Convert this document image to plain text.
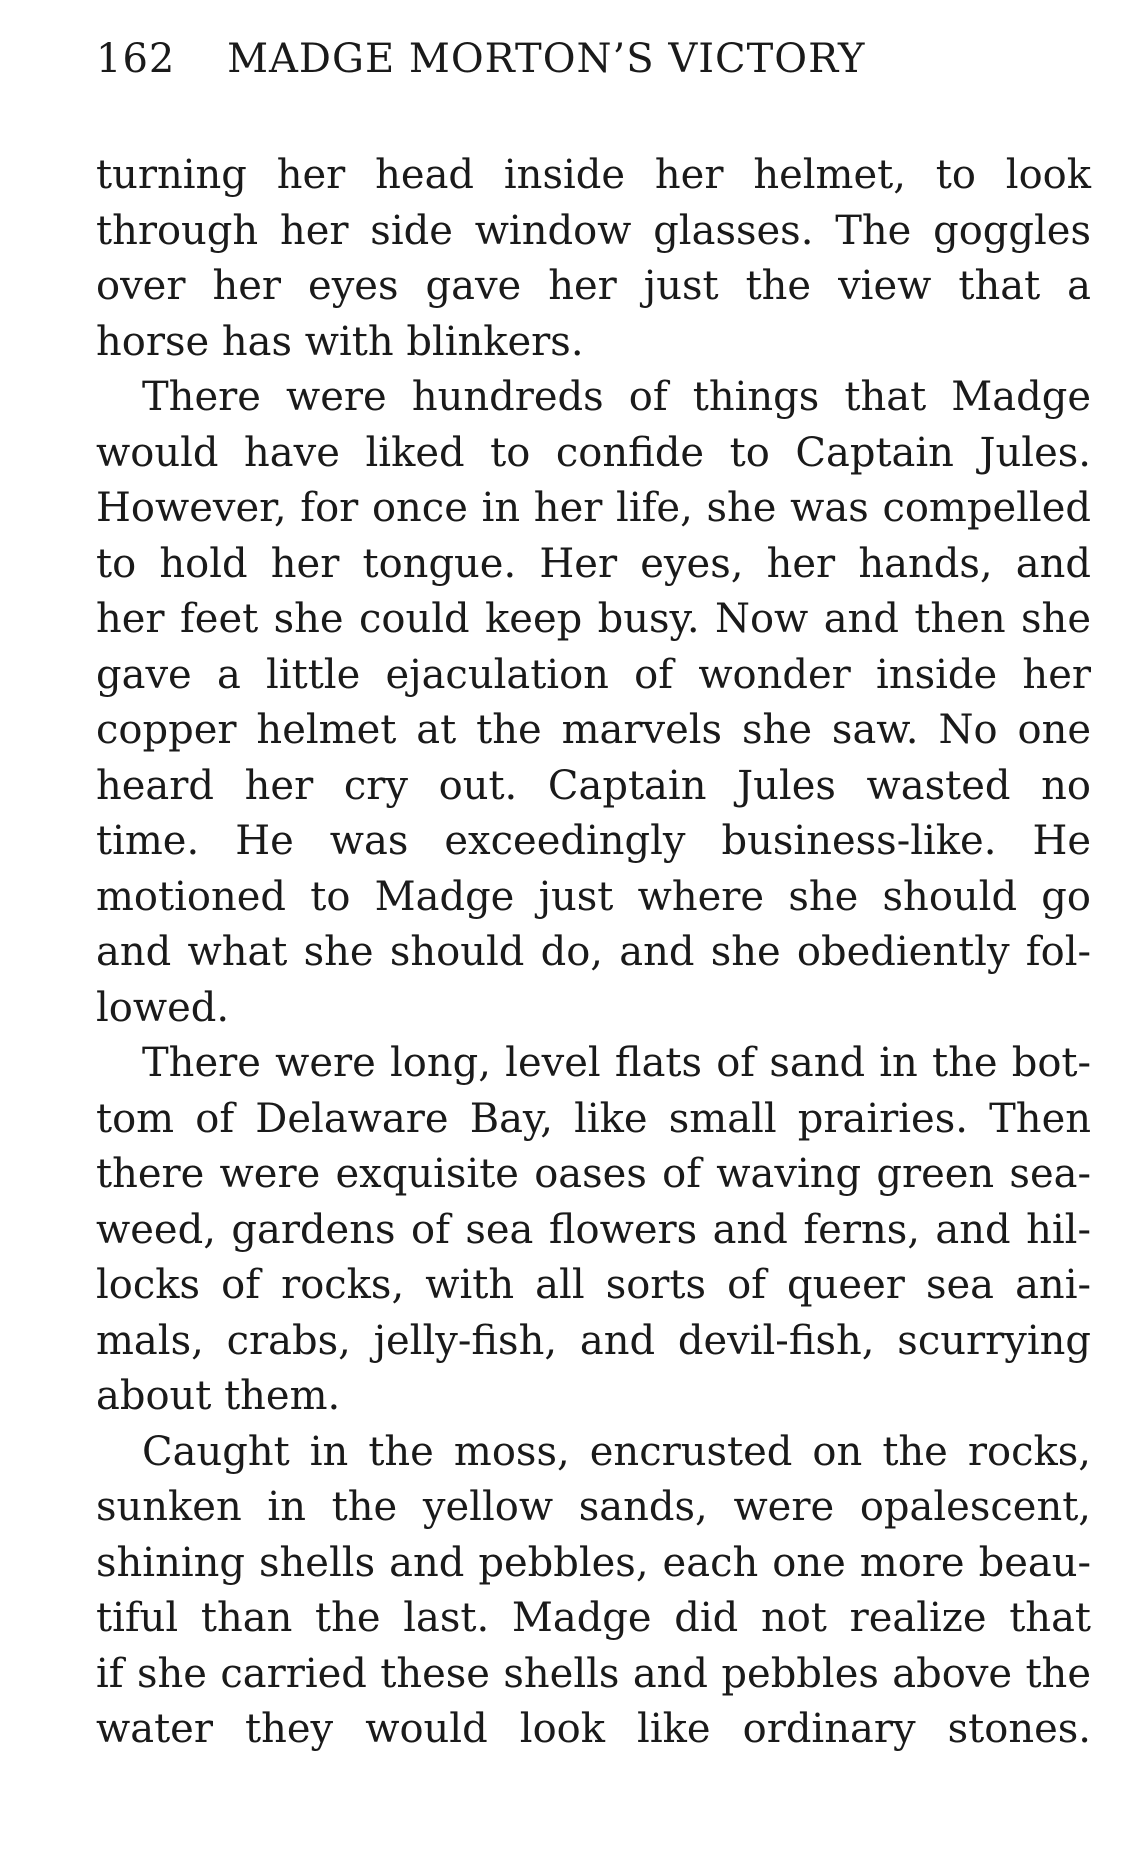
162 MADGE MORTON’S VICTORY
turning her head inside her helmet, to look
through her side window glasses. The goggles
over her eyes gave her just the view that a
horse has with blinkers.
There were hundreds of things that Madge
would have liked to confide to Captain Jules.
However, for once in her life, she was compelled
to hold her tongue. Her eyes, her hands, and
her feet she could keep busy. Now and then she
gave a little ejaculation of wonder inside her
copper helmet at the marvels she saw. No one
heard her cry out. Captain Jules wasted no
time. He was exceedingly business-like. He
motioned to Madge just where she should go
and what she should do, and she obediently fol-
lowed.
There were long, level flats of sand in the bot-
tom of Delaware Bay, like small prairies. Then
there were exquisite oases of waving green sea-
weed, gardens of sea flowers and ferns, and hil-
locks of rocks, with all sorts of queer sea ani-
mals, crabs, jelly-fish, and devil-fish, scurrying
about them.
Caught in the moss, encrusted on the rocks,
sunken in the yellow sands, were opalescent,
shining shells and pebbles, each one more beau-
tiful than the last. Madge did not realize that
if she carried these shells and pebbles above the
water they would look like ordinary stones.
